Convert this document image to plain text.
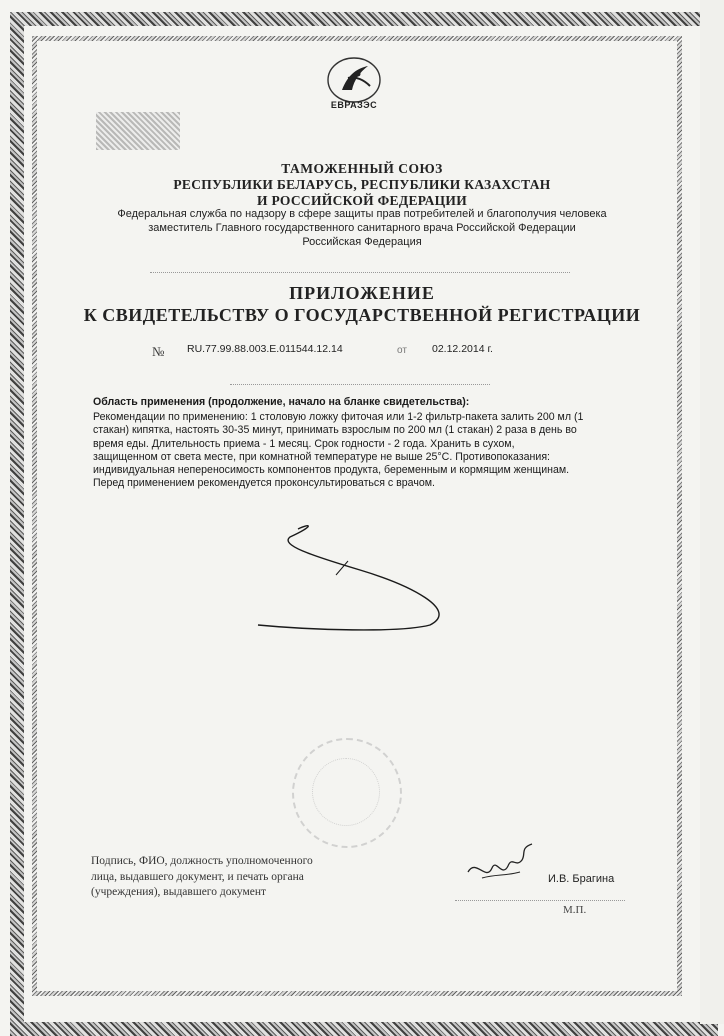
ЕВРАЗЭС
ТАМОЖЕННЫЙ СОЮЗ
РЕСПУБЛИКИ БЕЛАРУСЬ, РЕСПУБЛИКИ КАЗАХСТАН
И РОССИЙСКОЙ ФЕДЕРАЦИИ
Федеральная служба по надзору в сфере защиты прав потребителей и благополучия человека
заместитель Главного государственного санитарного врача Российской Федерации
Российская Федерация
ПРИЛОЖЕНИЕ
К СВИДЕТЕЛЬСТВУ О ГОСУДАРСТВЕННОЙ РЕГИСТРАЦИИ
№ RU.77.99.88.003.Е.011544.12.14	от 02.12.2014 г.
Область применения (продолжение, начало на бланке свидетельства):
Рекомендации по применению: 1 столовую ложку фиточая или 1-2 фильтр-пакета залить 200 мл (1
стакан) кипятка, настоять 30-35 минут, принимать взрослым по 200 мл (1 стакан) 2 раза в день во
время еды. Длительность приема - 1 месяц. Срок годности - 2 года. Хранить в сухом,
защищенном от света месте, при комнатной температуре не выше 25°С. Противопоказания:
индивидуальная непереносимость компонентов продукта, беременным и кормящим женщинам.
Перед применением рекомендуется проконсультироваться с врачом.
Подпись, ФИО, должность уполномоченного
лица, выдавшего документ, и печать органа
(учреждения), выдавшего документ
И.В. Брагина
М.П.
